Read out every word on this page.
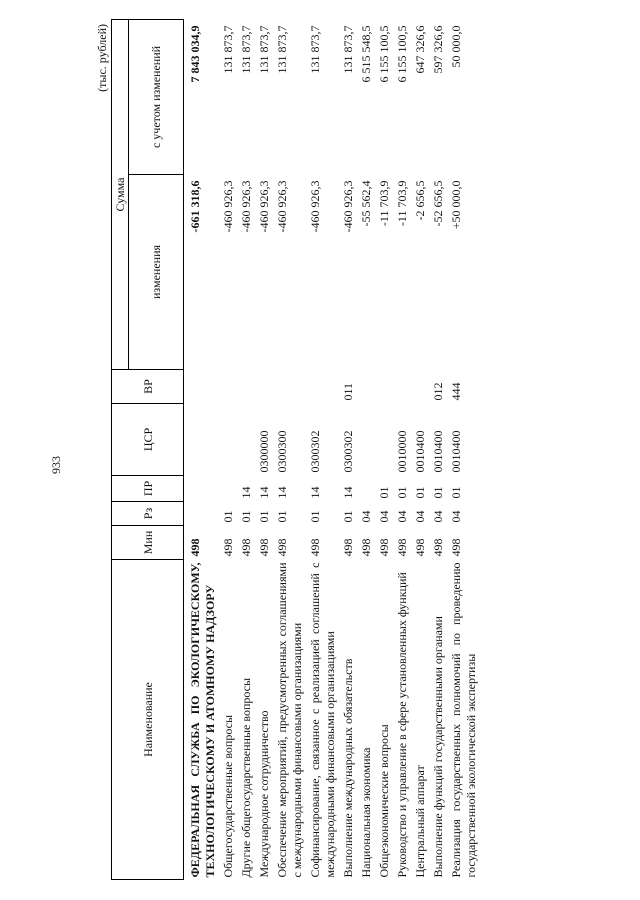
933
(тыс. рублей)
Наименование	Мин	Рз	ПР	ЦСР	ВР	Сумма	
						изменения	с учетом изменений
ФЕДЕРАЛЬНАЯ СЛУЖБА ПО ЭКОЛОГИЧЕСКОМУ, ТЕХНОЛОГИЧЕСКОМУ И АТОМНОМУ НАДЗОРУ	498					-661 318,6	7 843 034,9
Общегосударственные вопросы	498	01				-460 926,3	131 873,7
Другие общегосударственные вопросы	498	01	14			-460 926,3	131 873,7
Международное сотрудничество	498	01	14	0300000		-460 926,3	131 873,7
Обеспечение мероприятий, предусмотренных соглашениями с международными финансовыми организациями	498	01	14	0300300		-460 926,3	131 873,7
Софинансирование, связанное с реализацией соглашений с международными финансовыми организациями	498	01	14	0300302		-460 926,3	131 873,7
Выполнение международных обязательств	498	01	14	0300302	011	-460 926,3	131 873,7
Национальная экономика	498	04				-55 562,4	6 515 548,5
Общеэкономические вопросы	498	04	01			-11 703,9	6 155 100,5
Руководство и управление в сфере установленных функций	498	04	01	0010000		-11 703,9	6 155 100,5
Центральный аппарат	498	04	01	0010400		-2 656,5	647 326,6
Выполнение функций государственными органами	498	04	01	0010400	012	-52 656,5	597 326,6
Реализация государственных полномочий по проведению государственной экологической экспертизы	498	04	01	0010400	444	+50 000,0	50 000,0
